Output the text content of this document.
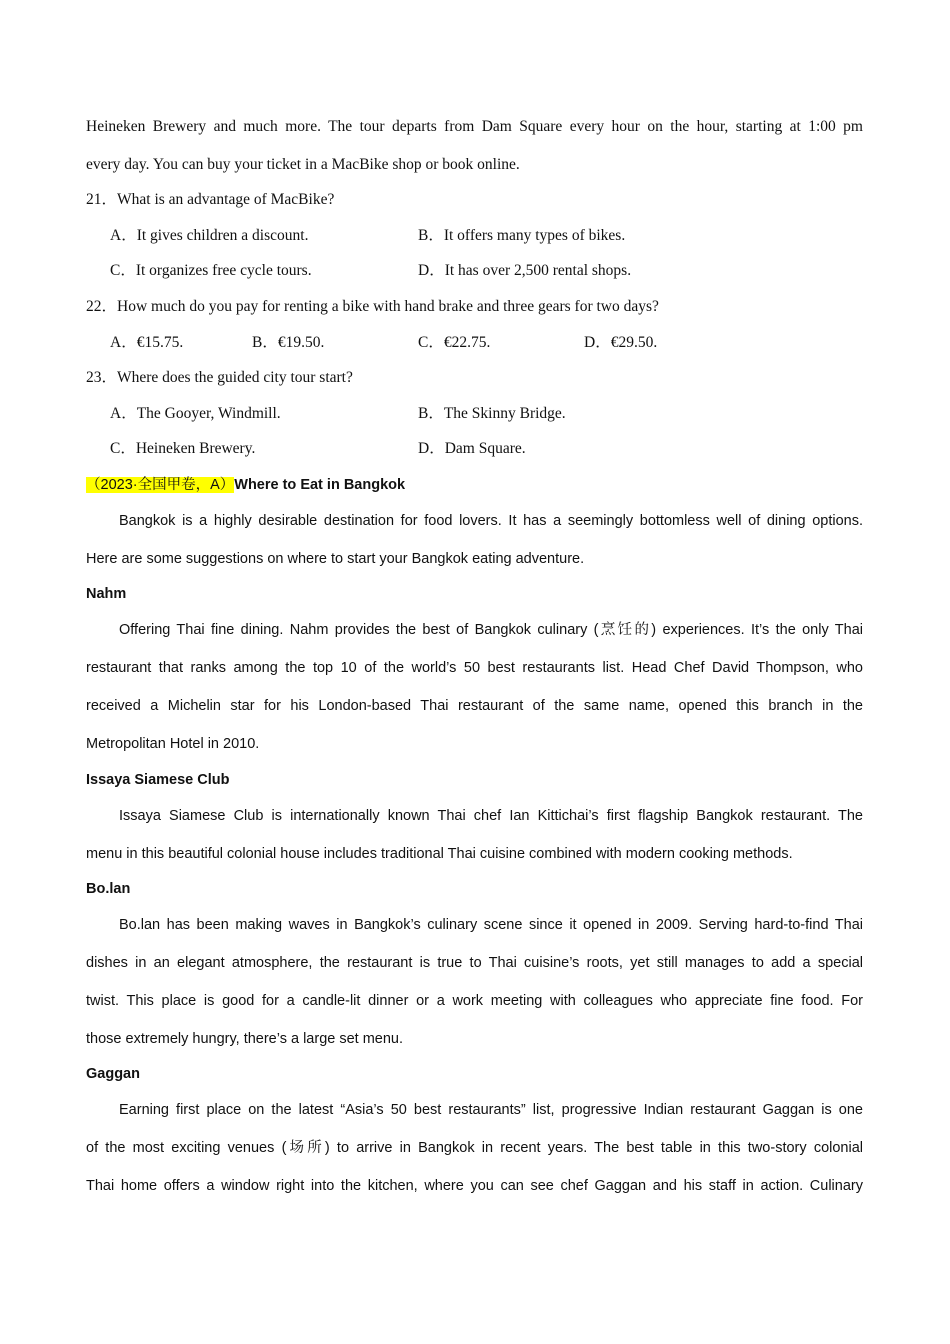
Heineken Brewery and much more. The tour departs from Dam Square every hour on the hour, starting at 1:00 pm
every day. You can buy your ticket in a MacBike shop or book online.
21．What is an advantage of MacBike?
A．It gives children a discount.	B．It offers many types of bikes.
C．It organizes free cycle tours.	D．It has over 2,500 rental shops.
22．How much do you pay for renting a bike with hand brake and three gears for two days?
A．€15.75.	B．€19.50.	C．€22.75.	D．€29.50.
23．Where does the guided city tour start?
A．The Gooyer, Windmill.	B．The Skinny Bridge.
C．Heineken Brewery.	D．Dam Square.
（2023·全国甲卷，A）Where to Eat in Bangkok
Bangkok is a highly desirable destination for food lovers. It has a seemingly bottomless well of dining options.
Here are some suggestions on where to start your Bangkok eating adventure.
Nahm
Offering Thai fine dining. Nahm provides the best of Bangkok culinary (烹饪的) experiences. It’s the only Thai
restaurant that ranks among the top 10 of the world’s 50 best restaurants list. Head Chef David Thompson, who
received a Michelin star for his London-based Thai restaurant of the same name, opened this branch in the
Metropolitan Hotel in 2010.
Issaya Siamese Club
Issaya Siamese Club is internationally known Thai chef Ian Kittichai’s first flagship Bangkok restaurant. The
menu in this beautiful colonial house includes traditional Thai cuisine combined with modern cooking methods.
Bo.lan
Bo.lan has been making waves in Bangkok’s culinary scene since it opened in 2009. Serving hard-to-find Thai
dishes in an elegant atmosphere, the restaurant is true to Thai cuisine’s roots, yet still manages to add a special
twist. This place is good for a candle-lit dinner or a work meeting with colleagues who appreciate fine food. For
those extremely hungry, there’s a large set menu.
Gaggan
Earning first place on the latest “Asia’s 50 best restaurants” list, progressive Indian restaurant Gaggan is one
of the most exciting venues (场所) to arrive in Bangkok in recent years. The best table in this two-story colonial
Thai home offers a window right into the kitchen, where you can see chef Gaggan and his staff in action. Culinary
